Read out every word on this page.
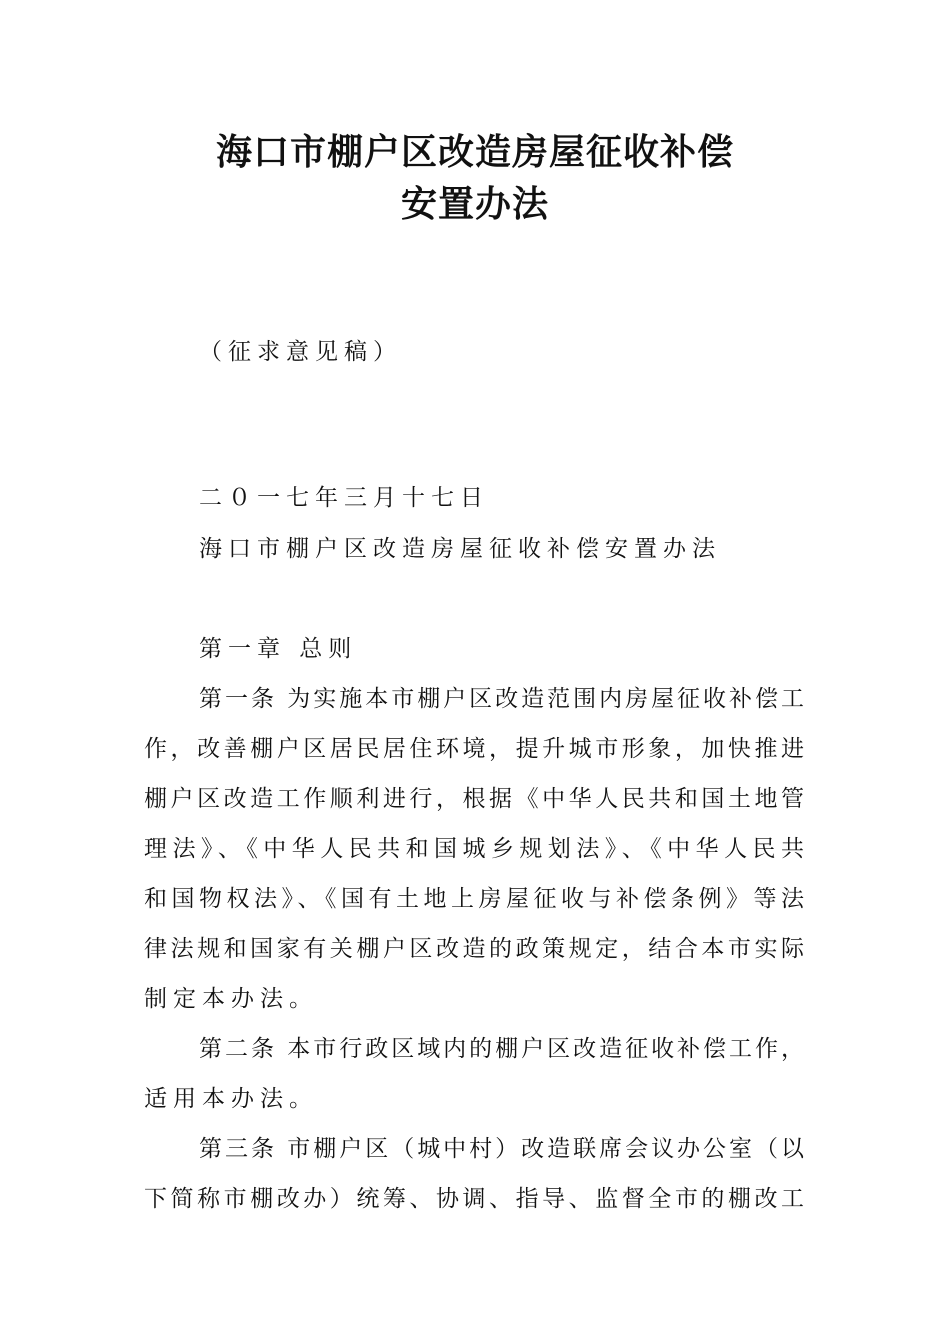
海口市棚户区改造房屋征收补偿
安置办法

（征求意见稿）

二０一七年三月十七日

海口市棚户区改造房屋征收补偿安置办法

第一章 总则

第一条 为实施本市棚户区改造范围内房屋征收补偿工

作，改善棚户区居民居住环境，提升城市形象，加快推进

棚户区改造工作顺利进行，根据《中华人民共和国土地管

理法》、《中华人民共和国城乡规划法》、《中华人民共

和国物权法》、《国有土地上房屋征收与补偿条例》等法

律法规和国家有关棚户区改造的政策规定，结合本市实际

制定本办法。

第二条 本市行政区域内的棚户区改造征收补偿工作，

适用本办法。

第三条 市棚户区（城中村）改造联席会议办公室（以

下简称市棚改办）统筹、协调、指导、监督全市的棚改工
